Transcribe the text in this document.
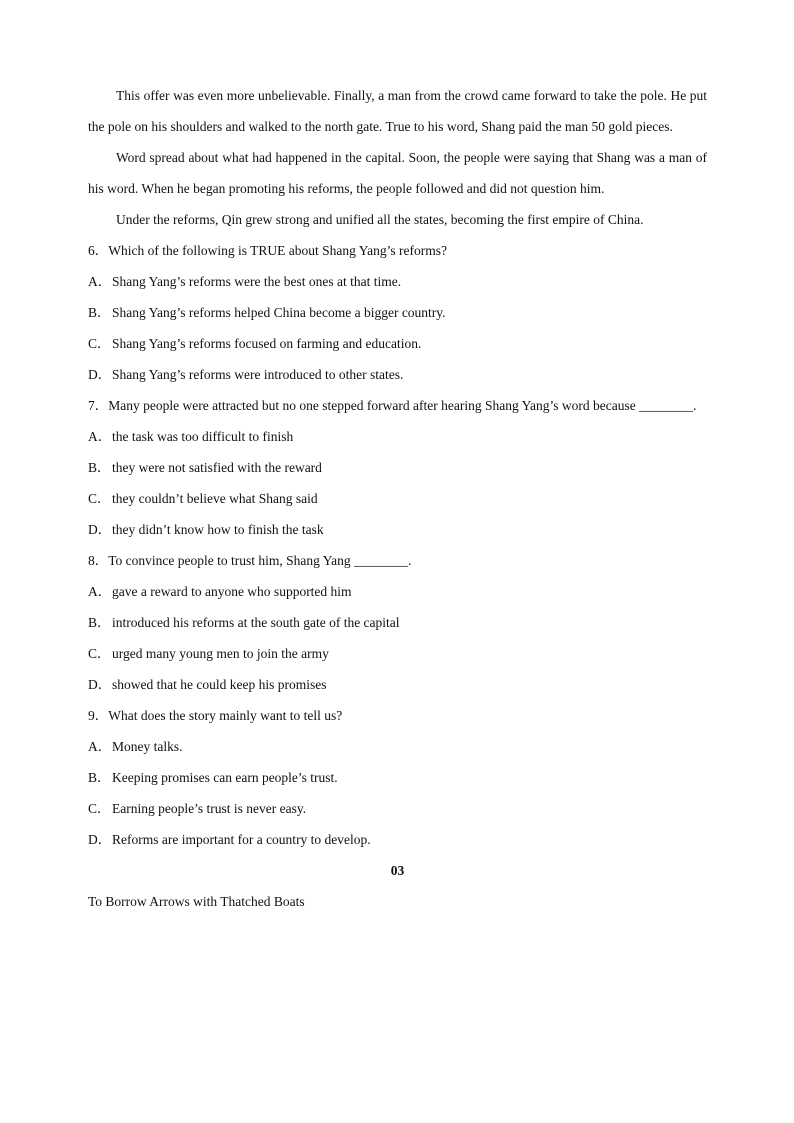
This offer was even more unbelievable. Finally, a man from the crowd came forward to take the pole. He put the pole on his shoulders and walked to the north gate. True to his word, Shang paid the man 50 gold pieces.

Word spread about what had happened in the capital. Soon, the people were saying that Shang was a man of his word. When he began promoting his reforms, the people followed and did not question him.

Under the reforms, Qin grew strong and unified all the states, becoming the first empire of China.

6．Which of the following is TRUE about Shang Yang’s reforms?

A．Shang Yang’s reforms were the best ones at that time.

B．Shang Yang’s reforms helped China become a bigger country.

C．Shang Yang’s reforms focused on farming and education.

D．Shang Yang’s reforms were introduced to other states.

7．Many people were attracted but no one stepped forward after hearing Shang Yang’s word because ________.

A．the task was too difficult to finish

B．they were not satisfied with the reward

C．they couldn’t believe what Shang said

D．they didn’t know how to finish the task

8．To convince people to trust him, Shang Yang ________.

A．gave a reward to anyone who supported him

B．introduced his reforms at the south gate of the capital

C．urged many young men to join the army

D．showed that he could keep his promises

9．What does the story mainly want to tell us?

A．Money talks.

B．Keeping promises can earn people’s trust.

C．Earning people’s trust is never easy.

D．Reforms are important for a country to develop.

03

To Borrow Arrows with Thatched Boats
